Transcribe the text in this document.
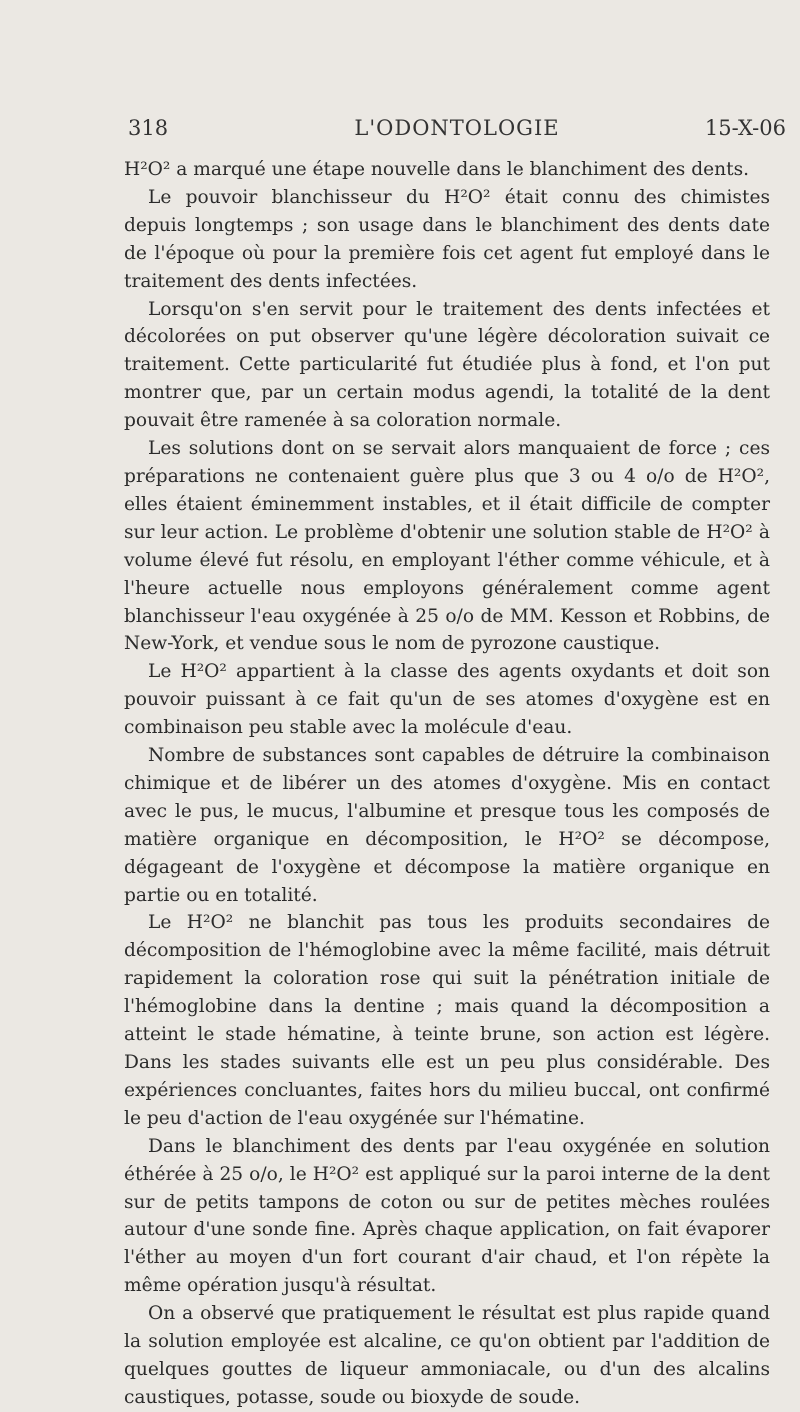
318	L'ODONTOLOGIE	15-X-06

H²O² a marqué une étape nouvelle dans le blanchiment des dents.

Le pouvoir blanchisseur du H²O² était connu des chimistes depuis longtemps ; son usage dans le blanchiment des dents date de l'époque où pour la première fois cet agent fut employé dans le traitement des dents infectées.

Lorsqu'on s'en servit pour le traitement des dents infectées et décolorées on put observer qu'une légère décoloration suivait ce traitement. Cette particularité fut étudiée plus à fond, et l'on put montrer que, par un certain modus agendi, la totalité de la dent pouvait être ramenée à sa coloration normale.

Les solutions dont on se servait alors manquaient de force ; ces préparations ne contenaient guère plus que 3 ou 4 o/o de H²O², elles étaient éminemment instables, et il était difficile de compter sur leur action. Le problème d'obtenir une solution stable de H²O² à volume élevé fut résolu, en employant l'éther comme véhicule, et à l'heure actuelle nous employons généralement comme agent blanchisseur l'eau oxygénée à 25 o/o de MM. Kesson et Robbins, de New-York, et vendue sous le nom de pyrozone caustique.

Le H²O² appartient à la classe des agents oxydants et doit son pouvoir puissant à ce fait qu'un de ses atomes d'oxygène est en combinaison peu stable avec la molécule d'eau.

Nombre de substances sont capables de détruire la combinaison chimique et de libérer un des atomes d'oxygène. Mis en contact avec le pus, le mucus, l'albumine et presque tous les composés de matière organique en décomposition, le H²O² se décompose, dégageant de l'oxygène et décompose la matière organique en partie ou en totalité.

Le H²O² ne blanchit pas tous les produits secondaires de décomposition de l'hémoglobine avec la même facilité, mais détruit rapidement la coloration rose qui suit la pénétration initiale de l'hémoglobine dans la dentine ; mais quand la décomposition a atteint le stade hématine, à teinte brune, son action est légère. Dans les stades suivants elle est un peu plus considérable. Des expériences concluantes, faites hors du milieu buccal, ont confirmé le peu d'action de l'eau oxygénée sur l'hématine.

Dans le blanchiment des dents par l'eau oxygénée en solution éthérée à 25 o/o, le H²O² est appliqué sur la paroi interne de la dent sur de petits tampons de coton ou sur de petites mèches roulées autour d'une sonde fine. Après chaque application, on fait évaporer l'éther au moyen d'un fort courant d'air chaud, et l'on répète la même opération jusqu'à résultat.

On a observé que pratiquement le résultat est plus rapide quand la solution employée est alcaline, ce qu'on obtient par l'addition de quelques gouttes de liqueur ammoniacale, ou d'un des alcalins caustiques, potasse, soude ou bioxyde de soude.
